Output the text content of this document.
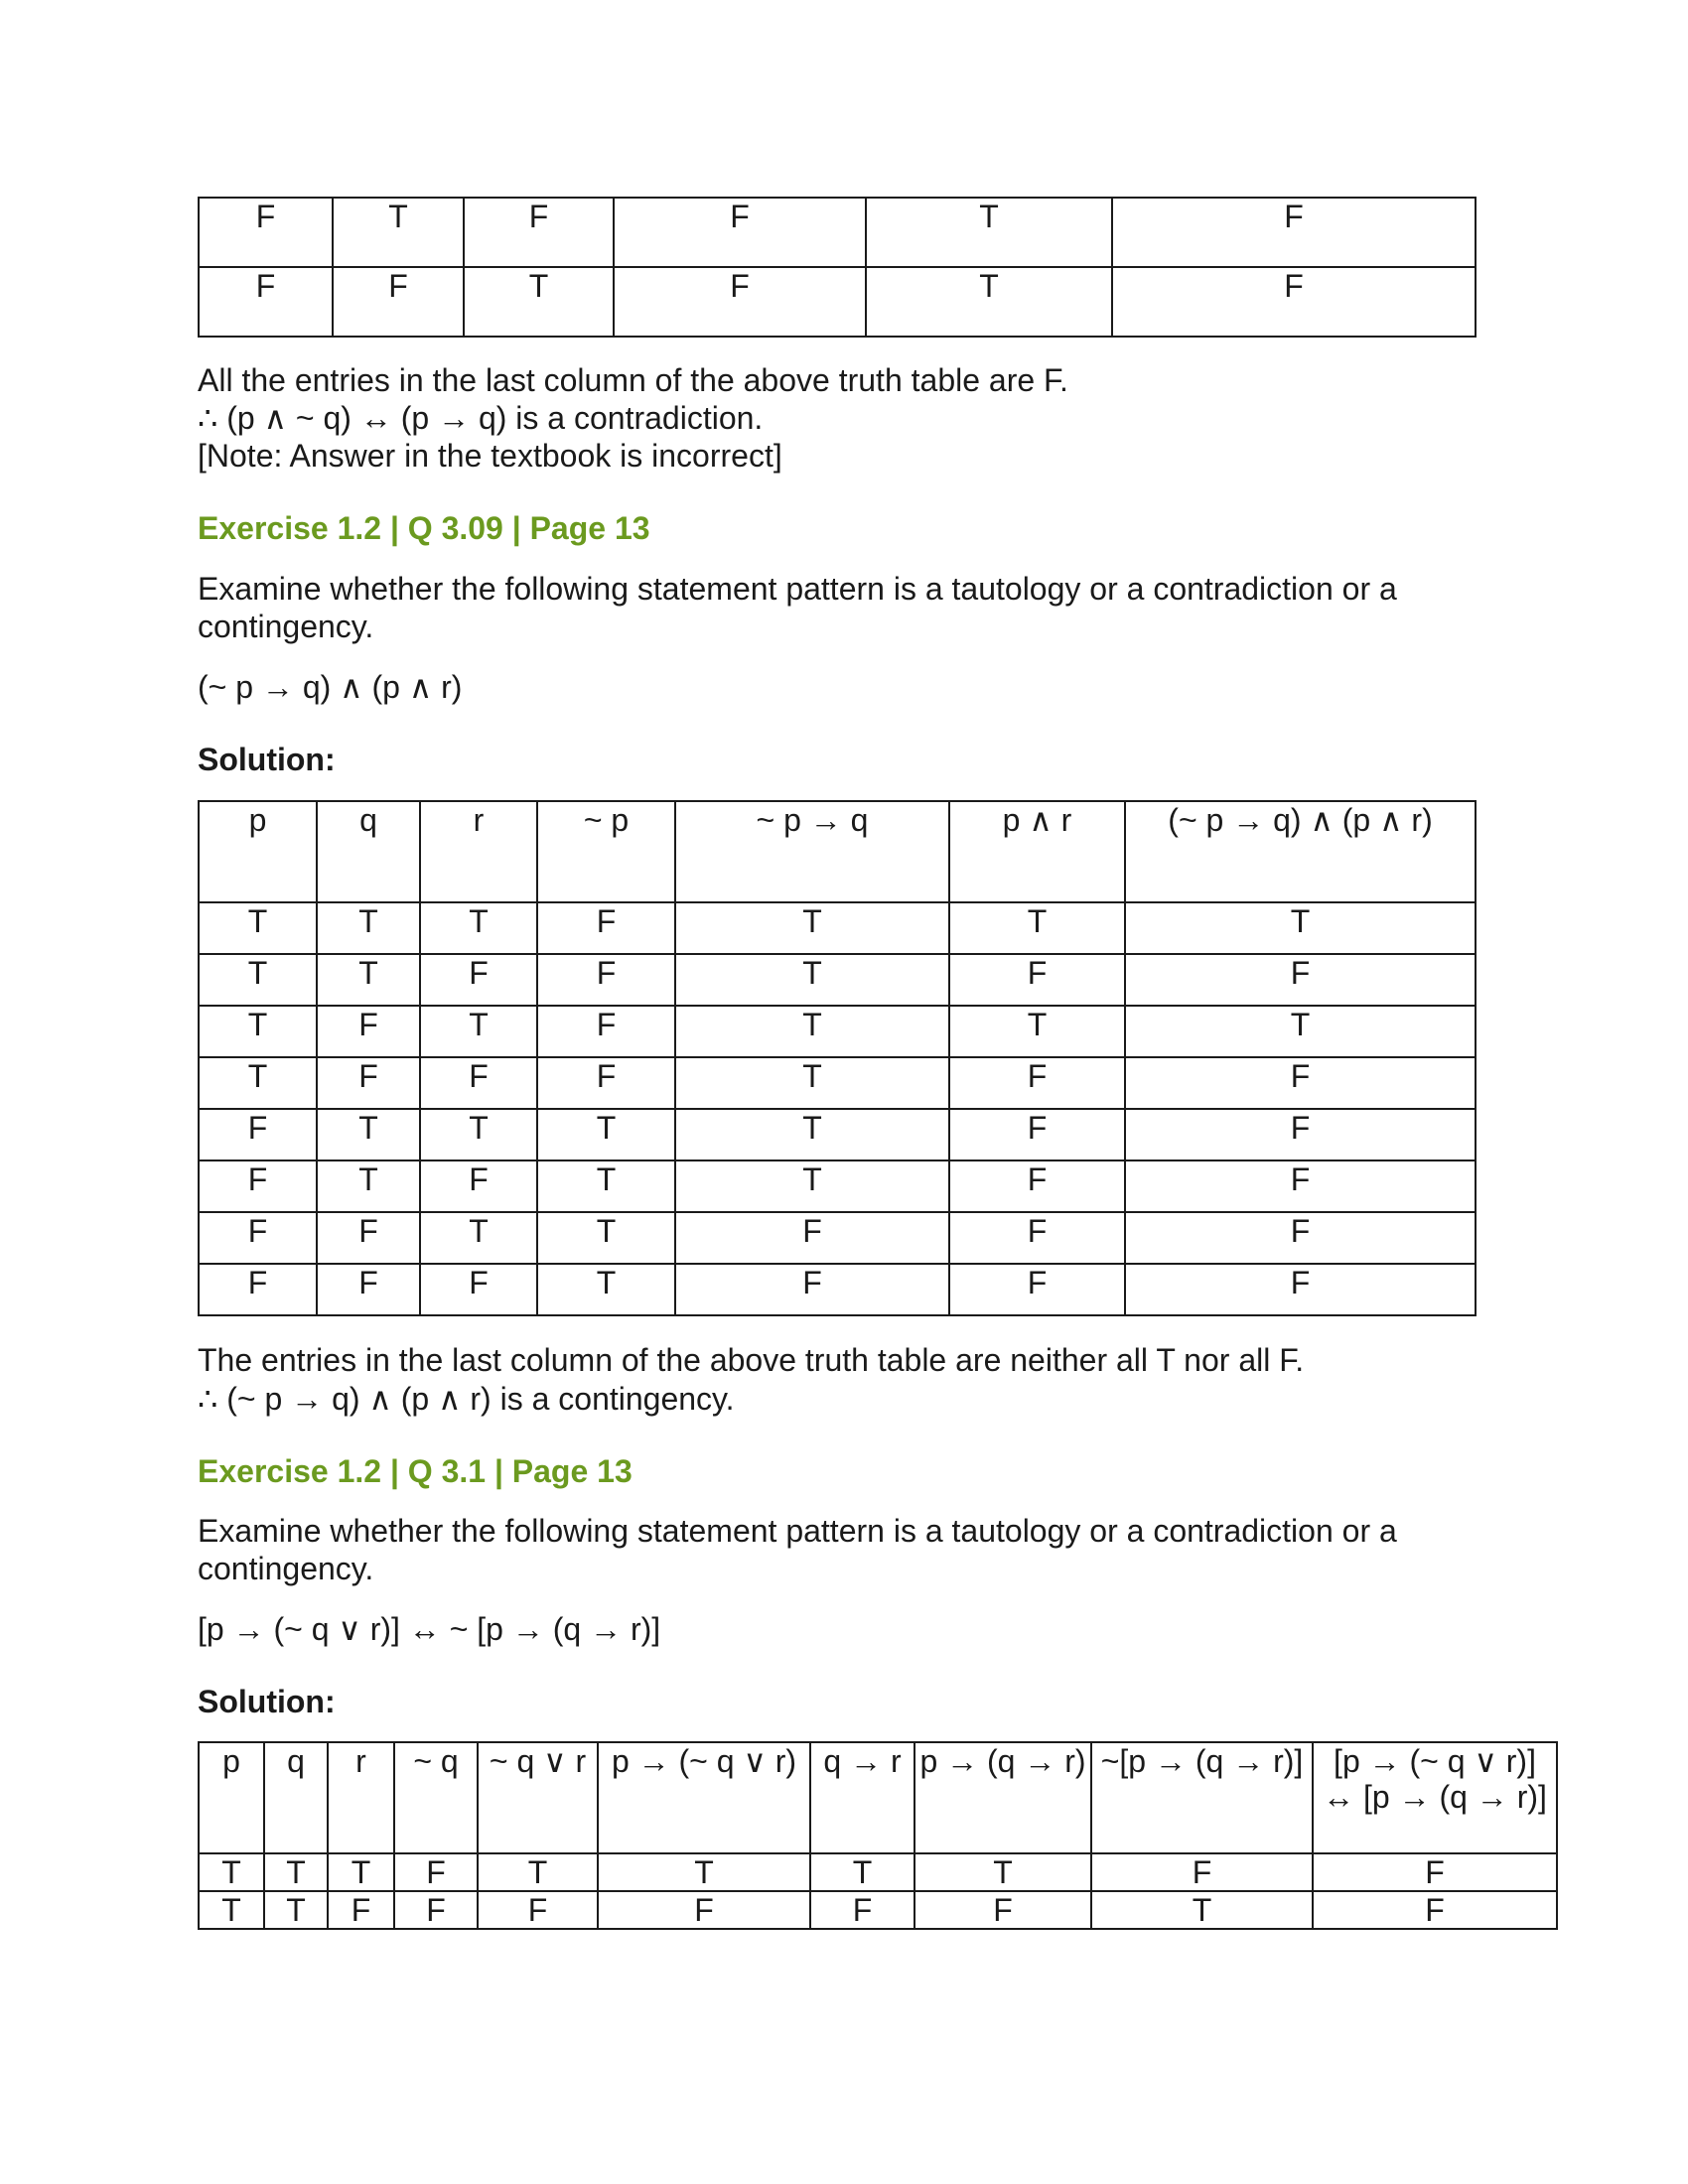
F	T	F	F	T	F
F	F	T	F	T	F
All the entries in the last column of the above truth table are F.
∴ (p ∧ ~ q) ↔ (p → q) is a contradiction.
[Note: Answer in the textbook is incorrect]
Exercise 1.2 | Q 3.09 | Page 13
Examine whether the following statement pattern is a tautology or a contradiction or a contingency.
(~ p → q) ∧ (p ∧ r)
Solution:
p	q	r	~ p	~ p → q	p ∧ r	(~ p → q) ∧ (p ∧ r)
T	T	T	F	T	T	T
T	T	F	F	T	F	F
T	F	T	F	T	T	T
T	F	F	F	T	F	F
F	T	T	T	T	F	F
F	T	F	T	T	F	F
F	F	T	T	F	F	F
F	F	F	T	F	F	F
The entries in the last column of the above truth table are neither all T nor all F.
∴ (~ p → q) ∧ (p ∧ r) is a contingency.
Exercise 1.2 | Q 3.1 | Page 13
Examine whether the following statement pattern is a tautology or a contradiction or a contingency.
[p → (~ q ∨ r)] ↔ ~ [p → (q → r)]
Solution:
p	q	r	~ q	~ q ∨ r	p → (~ q ∨ r)	q → r	p → (q → r)	~[p → (q → r)]	[p → (~ q ∨ r)] ↔ [p → (q → r)]
T	T	T	F	T	T	T	T	F	F
T	T	F	F	F	F	F	F	T	F
